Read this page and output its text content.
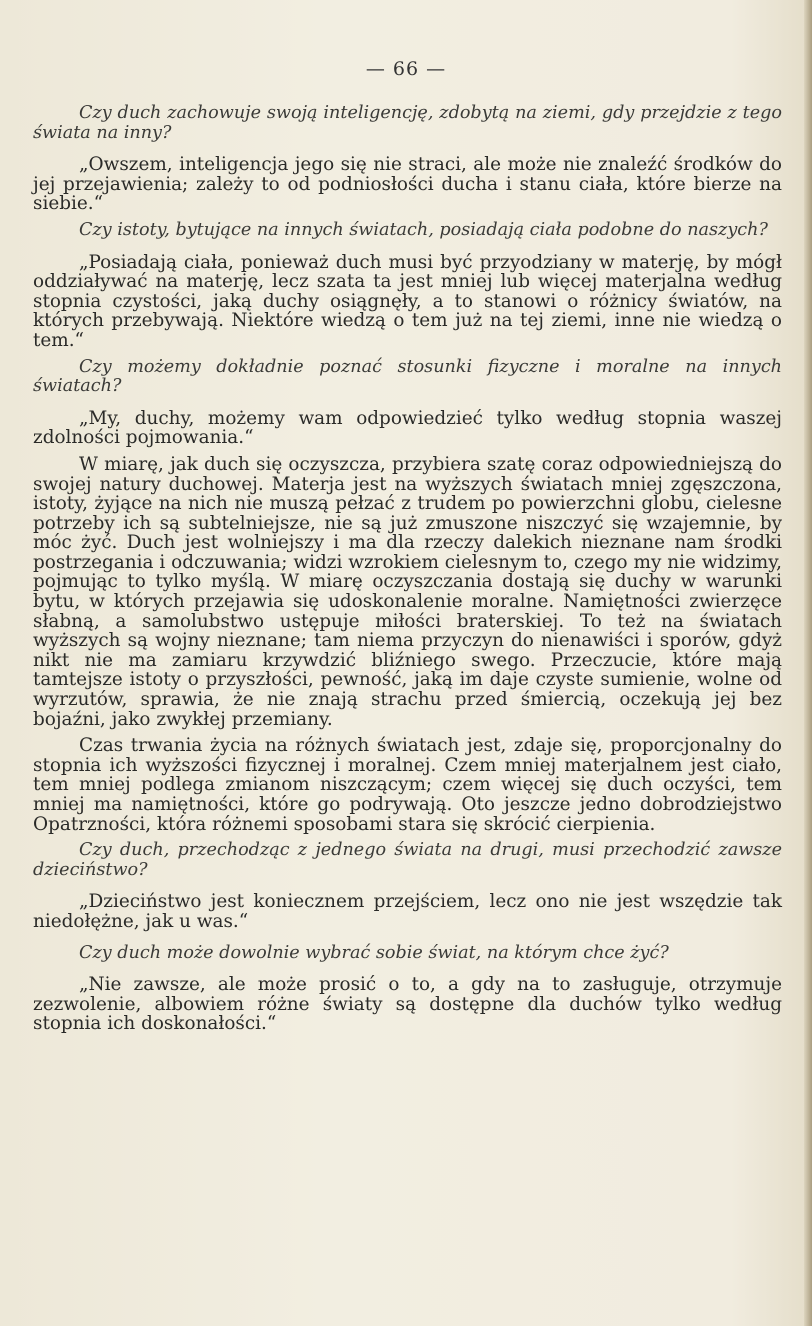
— 66 —

Czy duch zachowuje swoją inteligencję, zdobytą na ziemi, gdy przejdzie z tego świata na inny?

„Owszem, inteligencja jego się nie straci, ale może nie znaleźć środków do jej przejawienia; zależy to od podniosłości ducha i stanu ciała, które bierze na siebie.“

Czy istoty, bytujące na innych światach, posiadają ciała podobne do naszych?

„Posiadają ciała, ponieważ duch musi być przyodziany w materję, by mógł oddziaływać na materję, lecz szata ta jest mniej lub więcej materjalna według stopnia czystości, jaką duchy osiągnęły, a to stanowi o różnicy światów, na których przebywają. Niektóre wiedzą o tem już na tej ziemi, inne nie wiedzą o tem.“

Czy możemy dokładnie poznać stosunki fizyczne i moralne na innych światach?

„My, duchy, możemy wam odpowiedzieć tylko według stopnia waszej zdolności pojmowania.“

W miarę, jak duch się oczyszcza, przybiera szatę coraz odpowiedniejszą do swojej natury duchowej. Materja jest na wyższych światach mniej zgęszczona, istoty, żyjące na nich nie muszą pełzać z trudem po powierzchni globu, cielesne potrzeby ich są subtelniejsze, nie są już zmuszone niszczyć się wzajemnie, by móc żyć. Duch jest wolniejszy i ma dla rzeczy dalekich nieznane nam środki postrzegania i odczuwania; widzi wzrokiem cielesnym to, czego my nie widzimy, pojmując to tylko myślą. W miarę oczyszczania dostają się duchy w warunki bytu, w których przejawia się udoskonalenie moralne. Namiętności zwierzęce słabną, a samolubstwo ustępuje miłości braterskiej. To też na światach wyższych są wojny nieznane; tam niema przyczyn do nienawiści i sporów, gdyż nikt nie ma zamiaru krzywdzić bliźniego swego. Przeczucie, które mają tamtejsze istoty o przyszłości, pewność, jaką im daje czyste sumienie, wolne od wyrzutów, sprawia, że nie znają strachu przed śmiercią, oczekują jej bez bojaźni, jako zwykłej przemiany.

Czas trwania życia na różnych światach jest, zdaje się, proporcjonalny do stopnia ich wyższości fizycznej i moralnej. Czem mniej materjalnem jest ciało, tem mniej podlega zmianom niszczącym; czem więcej się duch oczyści, tem mniej ma namiętności, które go podrywają. Oto jeszcze jedno dobrodziejstwo Opatrzności, która różnemi sposobami stara się skrócić cierpienia.

Czy duch, przechodząc z jednego świata na drugi, musi przechodzić zawsze dzieciństwo?

„Dzieciństwo jest koniecznem przejściem, lecz ono nie jest wszędzie tak niedołężne, jak u was.“

Czy duch może dowolnie wybrać sobie świat, na którym chce żyć?

„Nie zawsze, ale może prosić o to, a gdy na to zasługuje, otrzymuje zezwolenie, albowiem różne światy są dostępne dla duchów tylko według stopnia ich doskonałości.“
